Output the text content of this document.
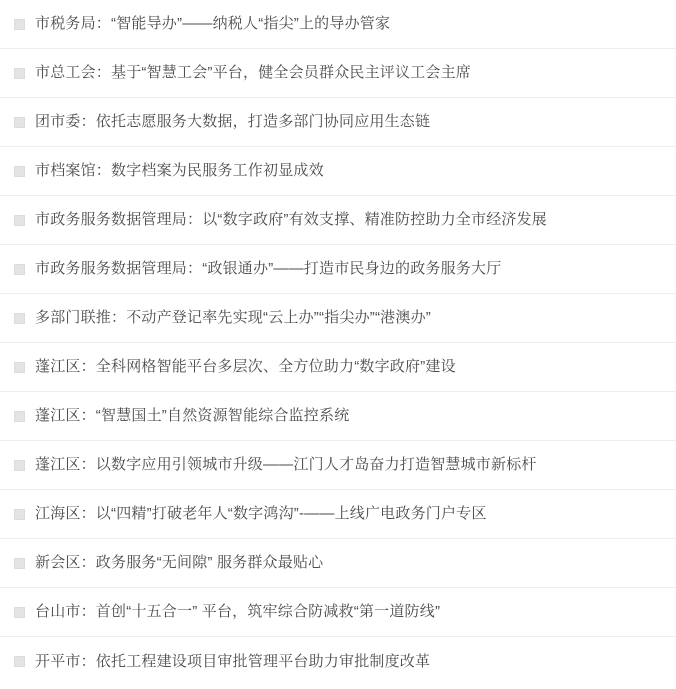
市税务局：“智能导办”——纳税人“指尖”上的导办管家
市总工会：基于“智慧工会”平台，健全会员群众民主评议工会主席
团市委：依托志愿服务大数据，打造多部门协同应用生态链
市档案馆：数字档案为民服务工作初显成效
市政务服务数据管理局：以“数字政府”有效支撑、精准防控助力全市经济发展
市政务服务数据管理局：“政银通办”——打造市民身边的政务服务大厅
多部门联推：不动产登记率先实现“云上办”“指尖办”“港澳办”
蓬江区：全科网格智能平台多层次、全方位助力“数字政府”建设
蓬江区：“智慧国土”自然资源智能综合监控系统
蓬江区：以数字应用引领城市升级——江门人才岛奋力打造智慧城市新标杆
江海区：以“四精”打破老年人“数字鸿沟”-——上线广电政务门户专区
新会区：政务服务“无间隙” 服务群众最贴心
台山市：首创“十五合一” 平台，筑牢综合防减救“第一道防线”
开平市：依托工程建设项目审批管理平台助力审批制度改革
